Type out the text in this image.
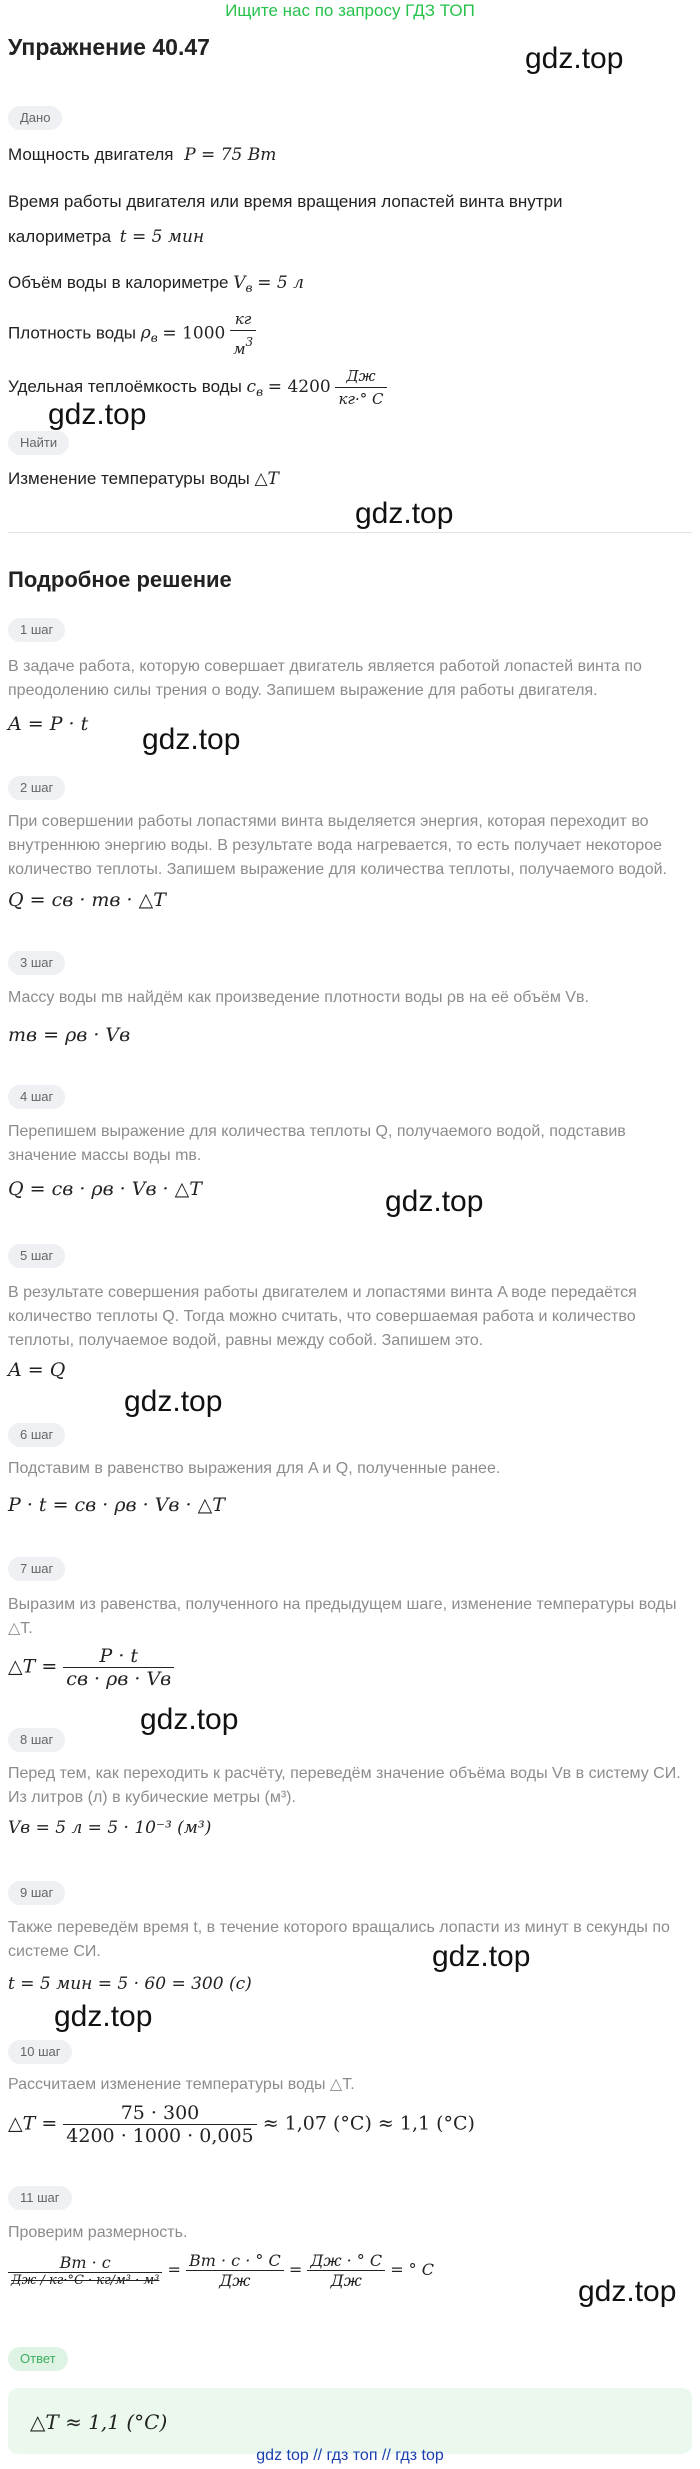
Ищите нас по запросу ГДЗ ТОП
Упражнение 40.47	gdz.top
gdz.top
gdz.top
gdz.top
gdz.top
gdz.top
gdz.top
gdz.top
gdz.top
gdz.top
Дано
Мощность двигателя P = 75 Вт
Время работы двигателя или время вращения лопастей винта внутри
калориметра t = 5 мин
Объём воды в калориметре $V_в = 5$ л
Плотность воды $\rho_в = 1000 \frac{кг}{м^3}$
Удельная теплоёмкость воды $c_в = 4200 \frac{Дж}{кг\cdot^\circ C}$
Найти
Изменение температуры воды △T
Подробное решение
1 шаг
В задаче работа, которую совершает двигатель является работой лопастей винта по преодолению силы трения о воду. Запишем выражение для работы двигателя.
A = P · t
2 шаг
При совершении работы лопастями винта выделяется энергия, которая переходит во внутреннюю энергию воды. В результате вода нагревается, то есть получает некоторое количество теплоты. Запишем выражение для количества теплоты, получаемого водой.
Q = cв · mв · △T
3 шаг
Массу воды mв найдём как произведение плотности воды ρв на её объём Vв.
mв = ρв · Vв
4 шаг
Перепишем выражение для количества теплоты Q, получаемого водой, подставив значение массы воды mв.
Q = cв · ρв · Vв · △T
5 шаг
В результате совершения работы двигателем и лопастями винта A воде передаётся количество теплоты Q. Тогда можно считать, что совершаемая работа и количество теплоты, получаемое водой, равны между собой. Запишем это.
A = Q
6 шаг
Подставим в равенство выражения для A и Q, полученные ранее.
P · t = cв · ρв · Vв · △T
7 шаг
Выразим из равенства, полученного на предыдущем шаге, изменение температуры воды △T.
△T = $\frac{P \cdot t}{cв \cdot \rho в \cdot Vв}$
8 шаг
Перед тем, как переходить к расчёту, переведём значение объёма воды Vв в систему СИ. Из литров (л) в кубические метры (м³).
Vв = 5 л = 5 · 10⁻³ (м³)
9 шаг
Также переведём время t, в течение которого вращались лопасти из минут в секунды по системе СИ.
t = 5 мин = 5 · 60 = 300 (с)
10 шаг
Рассчитаем изменение температуры воды △T.
△T = $\frac{75 \cdot 300}{4200 \cdot 1000 \cdot 0,005} \approx 1,07$ (°C) ≈ 1,1 (°C)
11 шаг
Проверим размерность.
$\frac{Вт \cdot с}{\text{Дж / кг·°C · кг/м³ · м³}} = \frac{Вт \cdot с \cdot ^\circ C}{Дж} = \frac{Дж \cdot ^\circ C}{Дж}$ = ° C
Ответ
△T ≈ 1,1 (°C)
gdz top // гдз топ // гдз top
